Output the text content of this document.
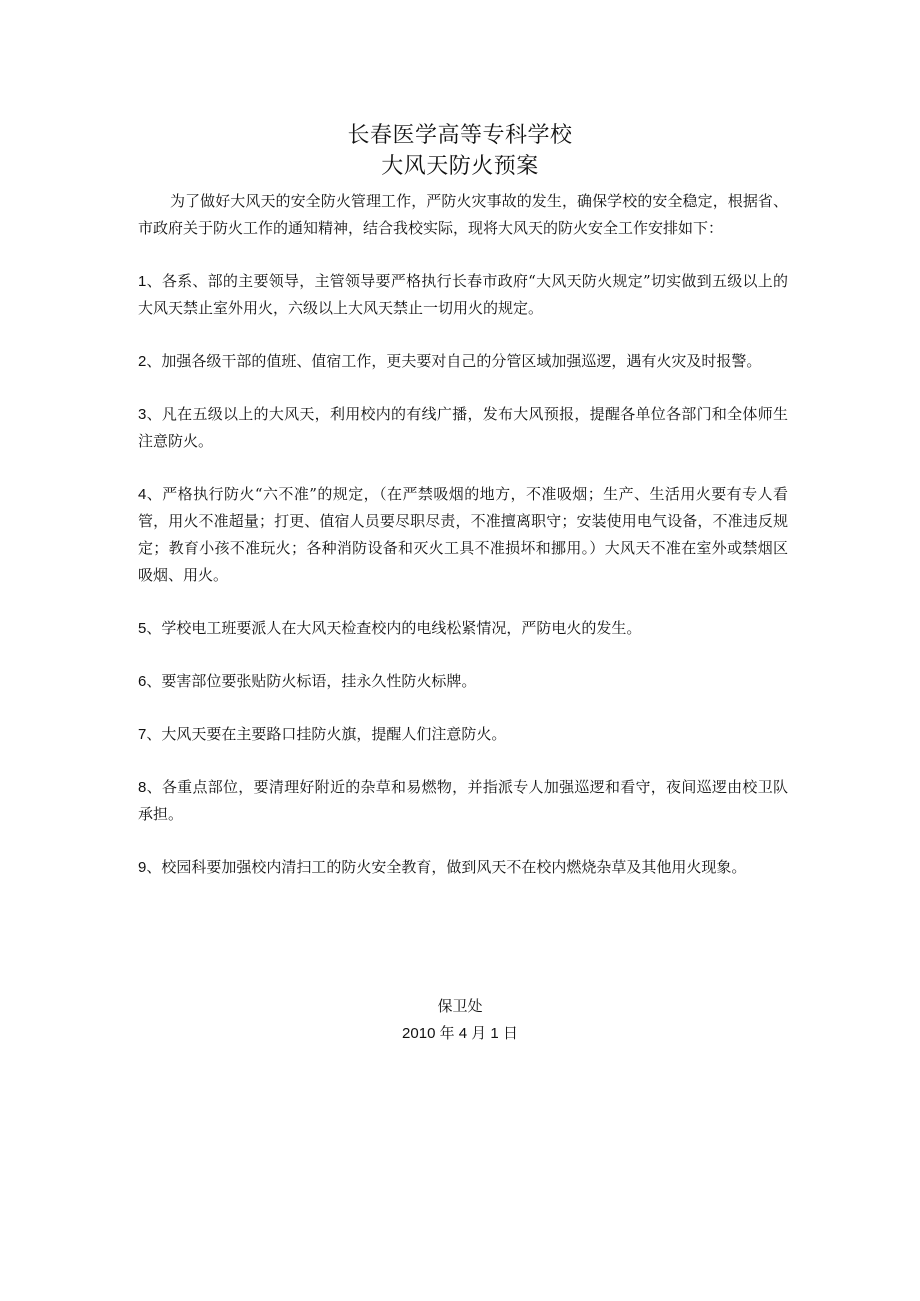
长春医学高等专科学校
大风天防火预案

为了做好大风天的安全防火管理工作，严防火灾事故的发生，确保学校的安全稳定，根据省、市政府关于防火工作的通知精神，结合我校实际，现将大风天的防火安全工作安排如下：

1、各系、部的主要领导，主管领导要严格执行长春市政府“大风天防火规定”切实做到五级以上的大风天禁止室外用火，六级以上大风天禁止一切用火的规定。

2、加强各级干部的值班、值宿工作，更夫要对自己的分管区域加强巡逻，遇有火灾及时报警。

3、凡在五级以上的大风天，利用校内的有线广播，发布大风预报，提醒各单位各部门和全体师生注意防火。

4、严格执行防火“六不准”的规定，（在严禁吸烟的地方，不准吸烟；生产、生活用火要有专人看管，用火不准超量；打更、值宿人员要尽职尽责，不准擅离职守；安装使用电气设备，不准违反规定；教育小孩不准玩火；各种消防设备和灭火工具不准损坏和挪用。）大风天不准在室外或禁烟区吸烟、用火。

5、学校电工班要派人在大风天检查校内的电线松紧情况，严防电火的发生。

6、要害部位要张贴防火标语，挂永久性防火标牌。

7、大风天要在主要路口挂防火旗，提醒人们注意防火。

8、各重点部位，要清理好附近的杂草和易燃物，并指派专人加强巡逻和看守，夜间巡逻由校卫队承担。

9、校园科要加强校内清扫工的防火安全教育，做到风天不在校内燃烧杂草及其他用火现象。

保卫处
2010 年 4 月 1 日
